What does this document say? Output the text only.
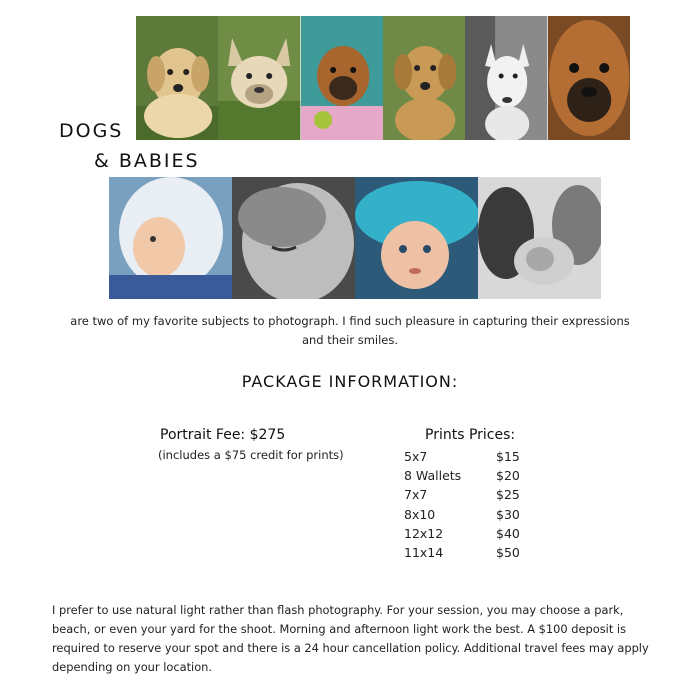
DOGS
& BABIES
are two of my favorite subjects to photograph. I find such pleasure in capturing their expressions and their smiles.
PACKAGE INFORMATION:
Portrait Fee: $275
(includes a $75 credit for prints)
Prints Prices:
5x7	$15
8 Wallets	$20
7x7	$25
8x10	$30
12x12	$40
11x14	$50
I prefer to use natural light rather than flash photography. For your session, you may choose a park, beach, or even your yard for the shoot. Morning and afternoon light work the best. A $100 deposit is required to reserve your spot and there is a 24 hour cancellation policy. Additional travel fees may apply depending on your location.
